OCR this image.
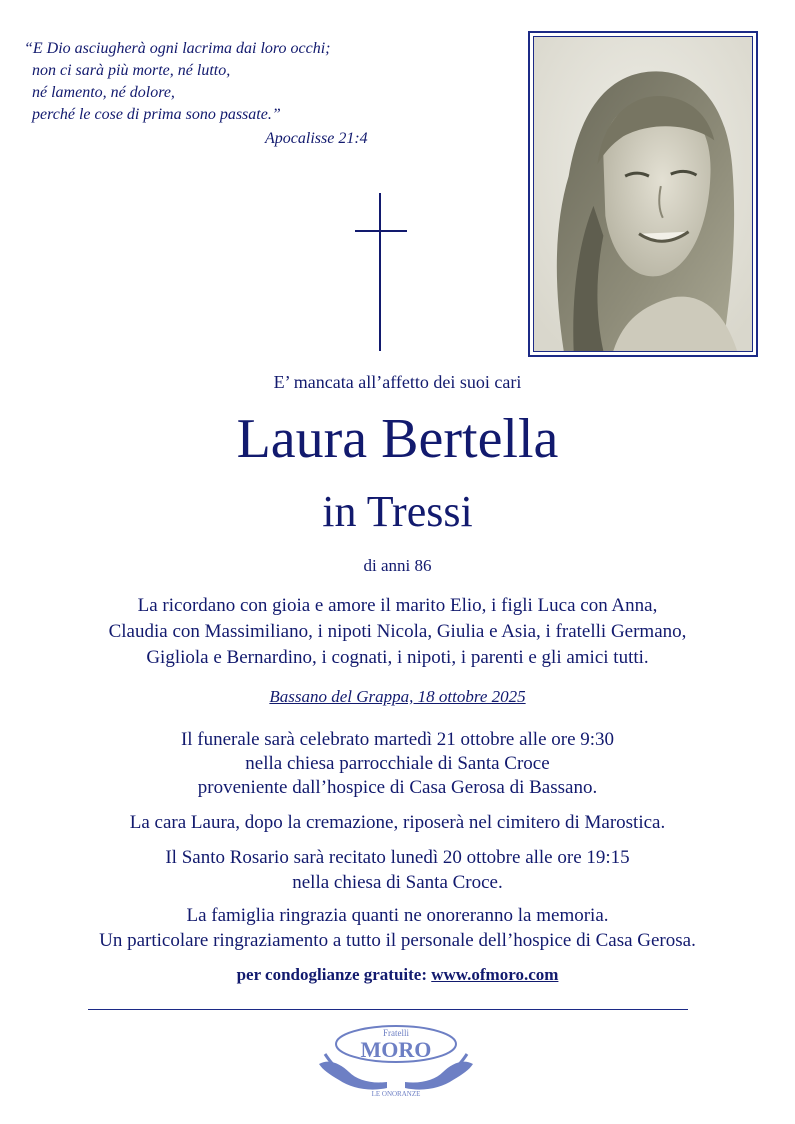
“E Dio asciugherà ogni lacrima dai loro occhi;
non ci sarà più morte, né lutto,
né lamento, né dolore,
perché le cose di prima sono passate.”
Apocalisse 21:4
E’ mancata all’affetto dei suoi cari
Laura Bertella
in Tressi
di anni 86
La ricordano con gioia e amore il marito Elio, i figli Luca con Anna,
Claudia con Massimiliano, i nipoti Nicola, Giulia e Asia, i fratelli Germano,
Gigliola e Bernardino, i cognati, i nipoti, i parenti e gli amici tutti.
Bassano del Grappa, 18 ottobre 2025
Il funerale sarà celebrato martedì 21 ottobre alle ore 9:30
nella chiesa parrocchiale di Santa Croce
proveniente dall’hospice di Casa Gerosa di Bassano.
La cara Laura, dopo la cremazione, riposerà nel cimitero di Marostica.
Il Santo Rosario sarà recitato lunedì 20 ottobre alle ore 19:15
nella chiesa di Santa Croce.
La famiglia ringrazia quanti ne onoreranno la memoria.
Un particolare ringraziamento a tutto il personale dell’hospice di Casa Gerosa.
per condoglianze gratuite: www.ofmoro.com
Fratelli
MORO
LE ONORANZE
